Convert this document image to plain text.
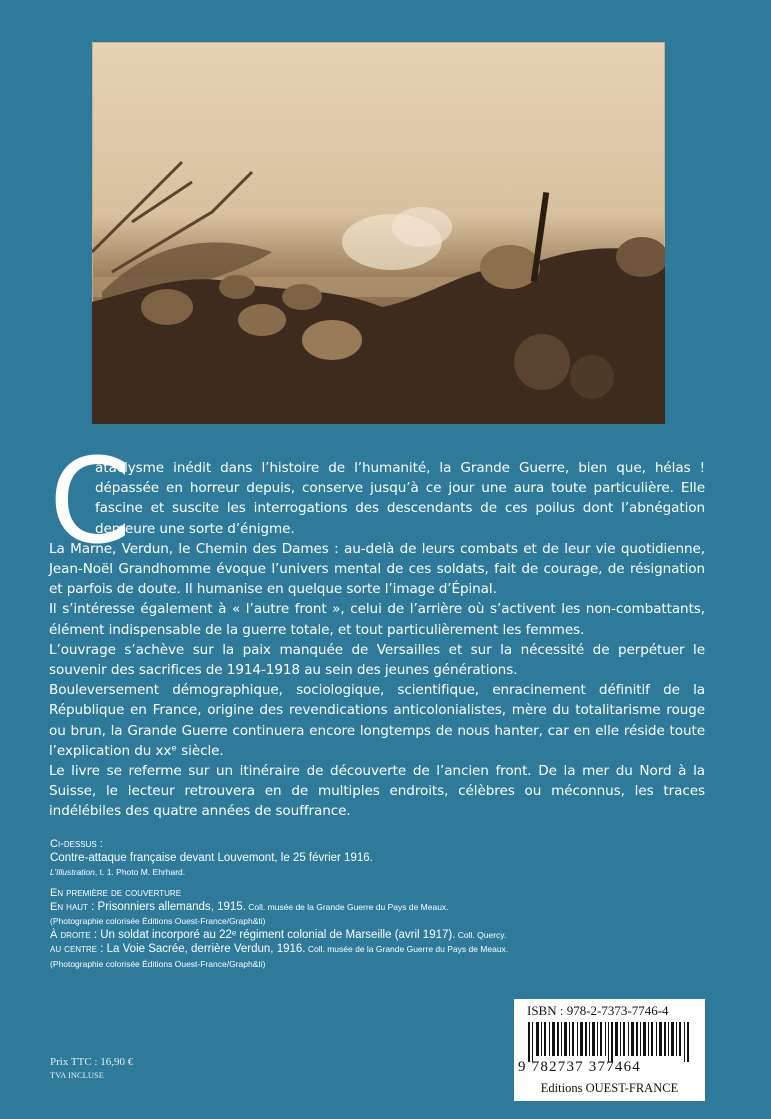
C

ataclysme inédit dans l’histoire de l’humanité, la Grande Guerre, bien que, hélas ! dépassée en horreur depuis, conserve jusqu’à ce jour une aura toute particulière. Elle fascine et suscite les interrogations des descendants de ces poilus dont l’abnégation demeure une sorte d’énigme.

La Marne, Verdun, le Chemin des Dames : au-delà de leurs combats et de leur vie quotidienne, Jean-Noël Grandhomme évoque l’univers mental de ces soldats, fait de courage, de résignation et parfois de doute. Il humanise en quelque sorte l’image d’Épinal.

Il s’intéresse également à « l’autre front », celui de l’arrière où s’activent les non-combattants, élément indispensable de la guerre totale, et tout particulièrement les femmes.

L’ouvrage s’achève sur la paix manquée de Versailles et sur la nécessité de perpétuer le souvenir des sacrifices de 1914-1918 au sein des jeunes générations.

Bouleversement démographique, sociologique, scientifique, enracinement définitif de la République en France, origine des revendications anticolonialistes, mère du totalitarisme rouge ou brun, la Grande Guerre continuera encore longtemps de nous hanter, car en elle réside toute l’explication du xxᵉ siècle.

Le livre se referme sur un itinéraire de découverte de l’ancien front. De la mer du Nord à la Suisse, le lecteur retrouvera en de multiples endroits, célèbres ou méconnus, les traces indélébiles des quatre années de souffrance.

Ci-dessus :
Contre-attaque française devant Louvemont, le 25 février 1916.
L’Illustration, t. 1. Photo M. Ehrhard.
En première de couverture
En haut : Prisonniers allemands, 1915. Coll. musée de la Grande Guerre du Pays de Meaux.
(Photographie colorisée Éditions Ouest-France/Graph&ti)
À droite : Un soldat incorporé au 22ᵉ régiment colonial de Marseille (avril 1917). Coll. Quercy.
au centre : La Voie Sacrée, derrière Verdun, 1916. Coll. musée de la Grande Guerre du Pays de Meaux.
(Photographie colorisée Éditions Ouest-France/Graph&ti)
Prix TTC : 16,90 €
TVA INCLUSE
ISBN : 978-2-7373-7746-4
9 782737 377464
Editions OUEST-FRANCE
